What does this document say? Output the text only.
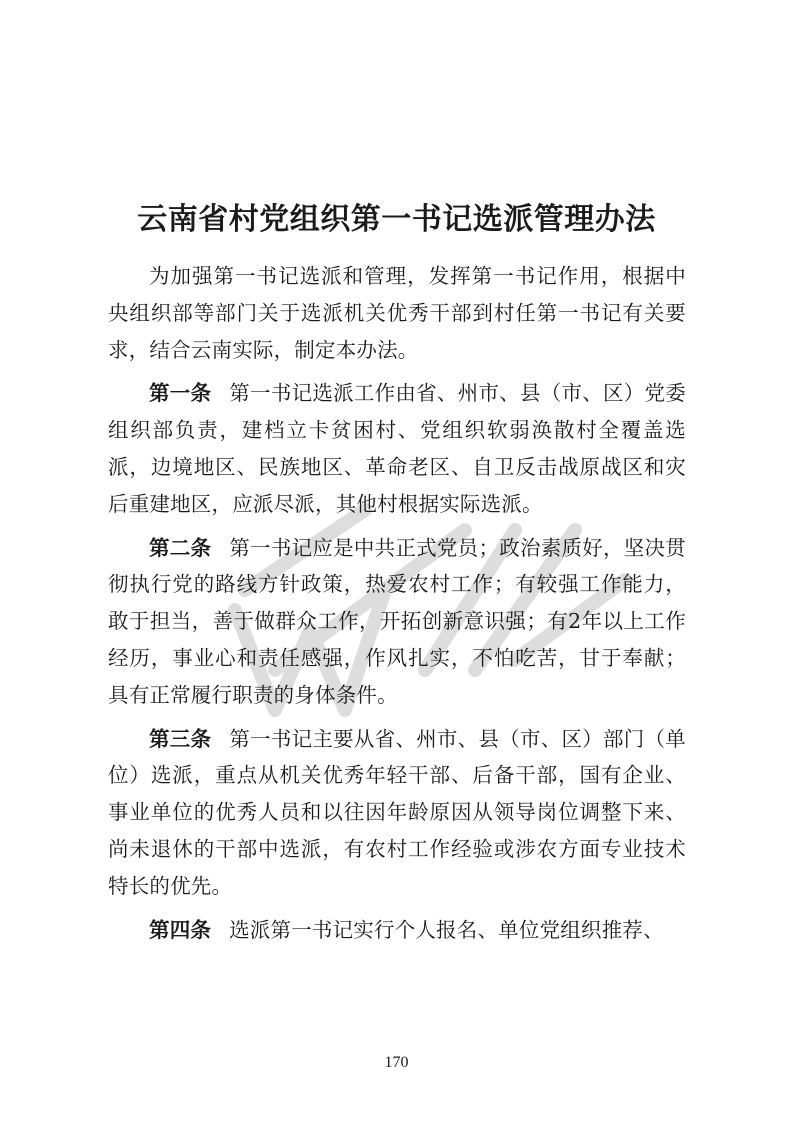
云南省村党组织第一书记选派管理办法

为加强第一书记选派和管理，发挥第一书记作用，根据中央组织部等部门关于选派机关优秀干部到村任第一书记有关要求，结合云南实际，制定本办法。

第一条 第一书记选派工作由省、州市、县（市、区）党委组织部负责，建档立卡贫困村、党组织软弱涣散村全覆盖选派，边境地区、民族地区、革命老区、自卫反击战原战区和灾后重建地区，应派尽派，其他村根据实际选派。

第二条 第一书记应是中共正式党员；政治素质好，坚决贯彻执行党的路线方针政策，热爱农村工作；有较强工作能力，敢于担当，善于做群众工作，开拓创新意识强；有2年以上工作经历，事业心和责任感强，作风扎实，不怕吃苦，甘于奉献；具有正常履行职责的身体条件。

第三条 第一书记主要从省、州市、县（市、区）部门（单位）选派，重点从机关优秀年轻干部、后备干部，国有企业、事业单位的优秀人员和以往因年龄原因从领导岗位调整下来、尚未退休的干部中选派，有农村工作经验或涉农方面专业技术特长的优先。

第四条 选派第一书记实行个人报名、单位党组织推荐、

170
